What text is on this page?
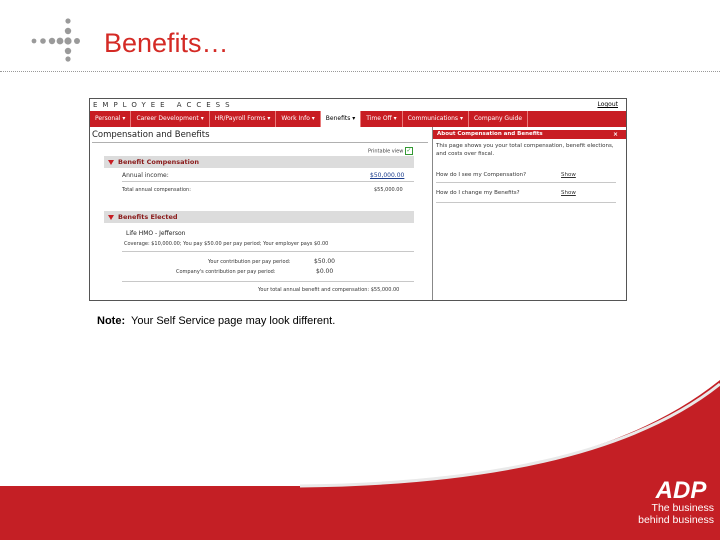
Benefits…
EMPLOYEE ACCESS	Logout
Personal ▾	Career Development ▾	HR/Payroll Forms ▾	Work Info ▾	Benefits ▾	Time Off ▾	Communications ▾	Company Guide
Compensation and Benefits
Printable view ✓
Benefit Compensation
Annual income:	$50,000.00
Total annual compensation:	$55,000.00
Benefits Elected
Life HMO - Jefferson
Coverage: $10,000.00; You pay $50.00 per pay period; Your employer pays $0.00
Your contribution per pay period:	$50.00
Company's contribution per pay period:	$0.00
Your total annual benefit and compensation: $55,000.00
About Compensation and Benefits	×
This page shows you your total compensation, benefit elections, and costs over fiscal.
How do I see my Compensation?	Show
How do I change my Benefits?	Show
Note: Your Self Service page may look different.
ADP
The business
behind business
